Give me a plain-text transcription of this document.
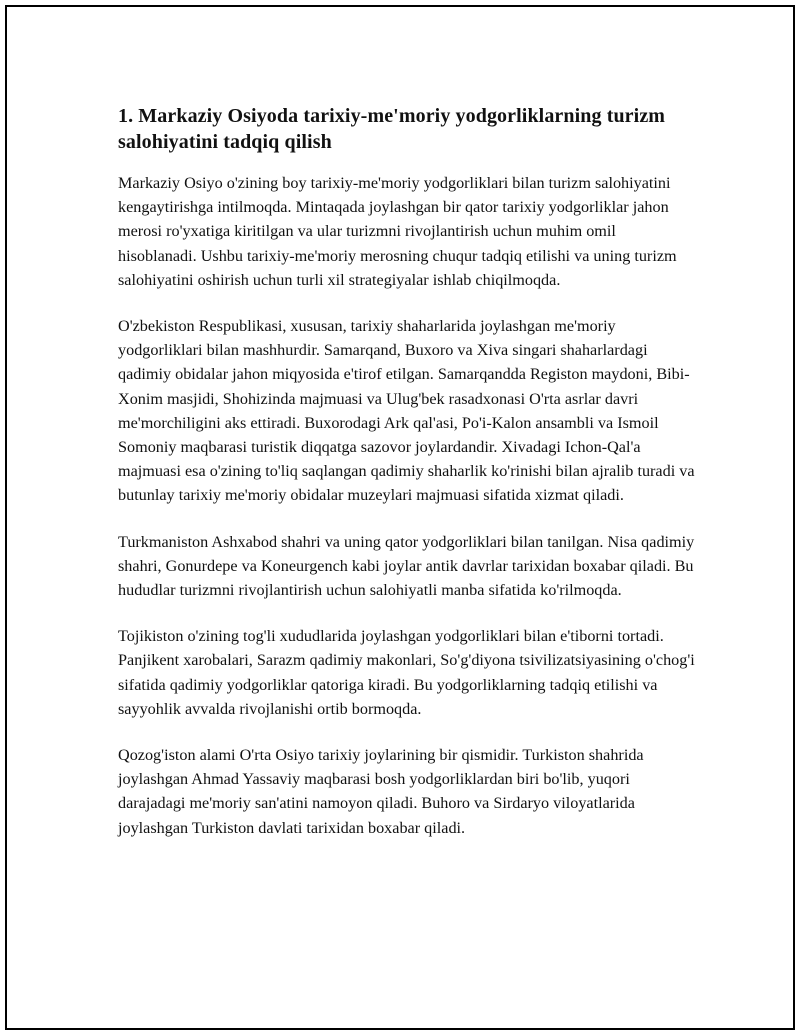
1. Markaziy Osiyoda tarixiy-me'moriy yodgorliklarning turizm salohiyatini tadqiq qilish

Markaziy Osiyo o'zining boy tarixiy-me'moriy yodgorliklari bilan turizm salohiyatini kengaytirishga intilmoqda. Mintaqada joylashgan bir qator tarixiy yodgorliklar jahon merosi ro'yxatiga kiritilgan va ular turizmni rivojlantirish uchun muhim omil hisoblanadi. Ushbu tarixiy-me'moriy merosning chuqur tadqiq etilishi va uning turizm salohiyatini oshirish uchun turli xil strategiyalar ishlab chiqilmoqda.

O'zbekiston Respublikasi, xususan, tarixiy shaharlarida joylashgan me'moriy yodgorliklari bilan mashhurdir. Samarqand, Buxoro va Xiva singari shaharlardagi qadimiy obidalar jahon miqyosida e'tirof etilgan. Samarqandda Registon maydoni, Bibi-Xonim masjidi, Shohizinda majmuasi va Ulug'bek rasadxonasi O'rta asrlar davri me'morchiligini aks ettiradi. Buxorodagi Ark qal'asi, Po'i-Kalon ansambli va Ismoil Somoniy maqbarasi turistik diqqatga sazovor joylardandir. Xivadagi Ichon-Qal'a majmuasi esa o'zining to'liq saqlangan qadimiy shaharlik ko'rinishi bilan ajralib turadi va butunlay tarixiy me'moriy obidalar muzeylari majmuasi sifatida xizmat qiladi.

Turkmaniston Ashxabod shahri va uning qator yodgorliklari bilan tanilgan. Nisa qadimiy shahri, Gonurdepe va Koneurgench kabi joylar antik davrlar tarixidan boxabar qiladi. Bu hududlar turizmni rivojlantirish uchun salohiyatli manba sifatida ko'rilmoqda.

Tojikiston o'zining tog'li xududlarida joylashgan yodgorliklari bilan e'tiborni tortadi. Panjikent xarobalari, Sarazm qadimiy makonlari, So'g'diyona tsivilizatsiyasining o'chog'i sifatida qadimiy yodgorliklar qatoriga kiradi. Bu yodgorliklarning tadqiq etilishi va sayyohlik avvalda rivojlanishi ortib bormoqda.

Qozog'iston alami O'rta Osiyo tarixiy joylarining bir qismidir. Turkiston shahrida joylashgan Ahmad Yassaviy maqbarasi bosh yodgorliklardan biri bo'lib, yuqori darajadagi me'moriy san'atini namoyon qiladi. Buhoro va Sirdaryo viloyatlarida joylashgan Turkiston davlati tarixidan boxabar qiladi.
